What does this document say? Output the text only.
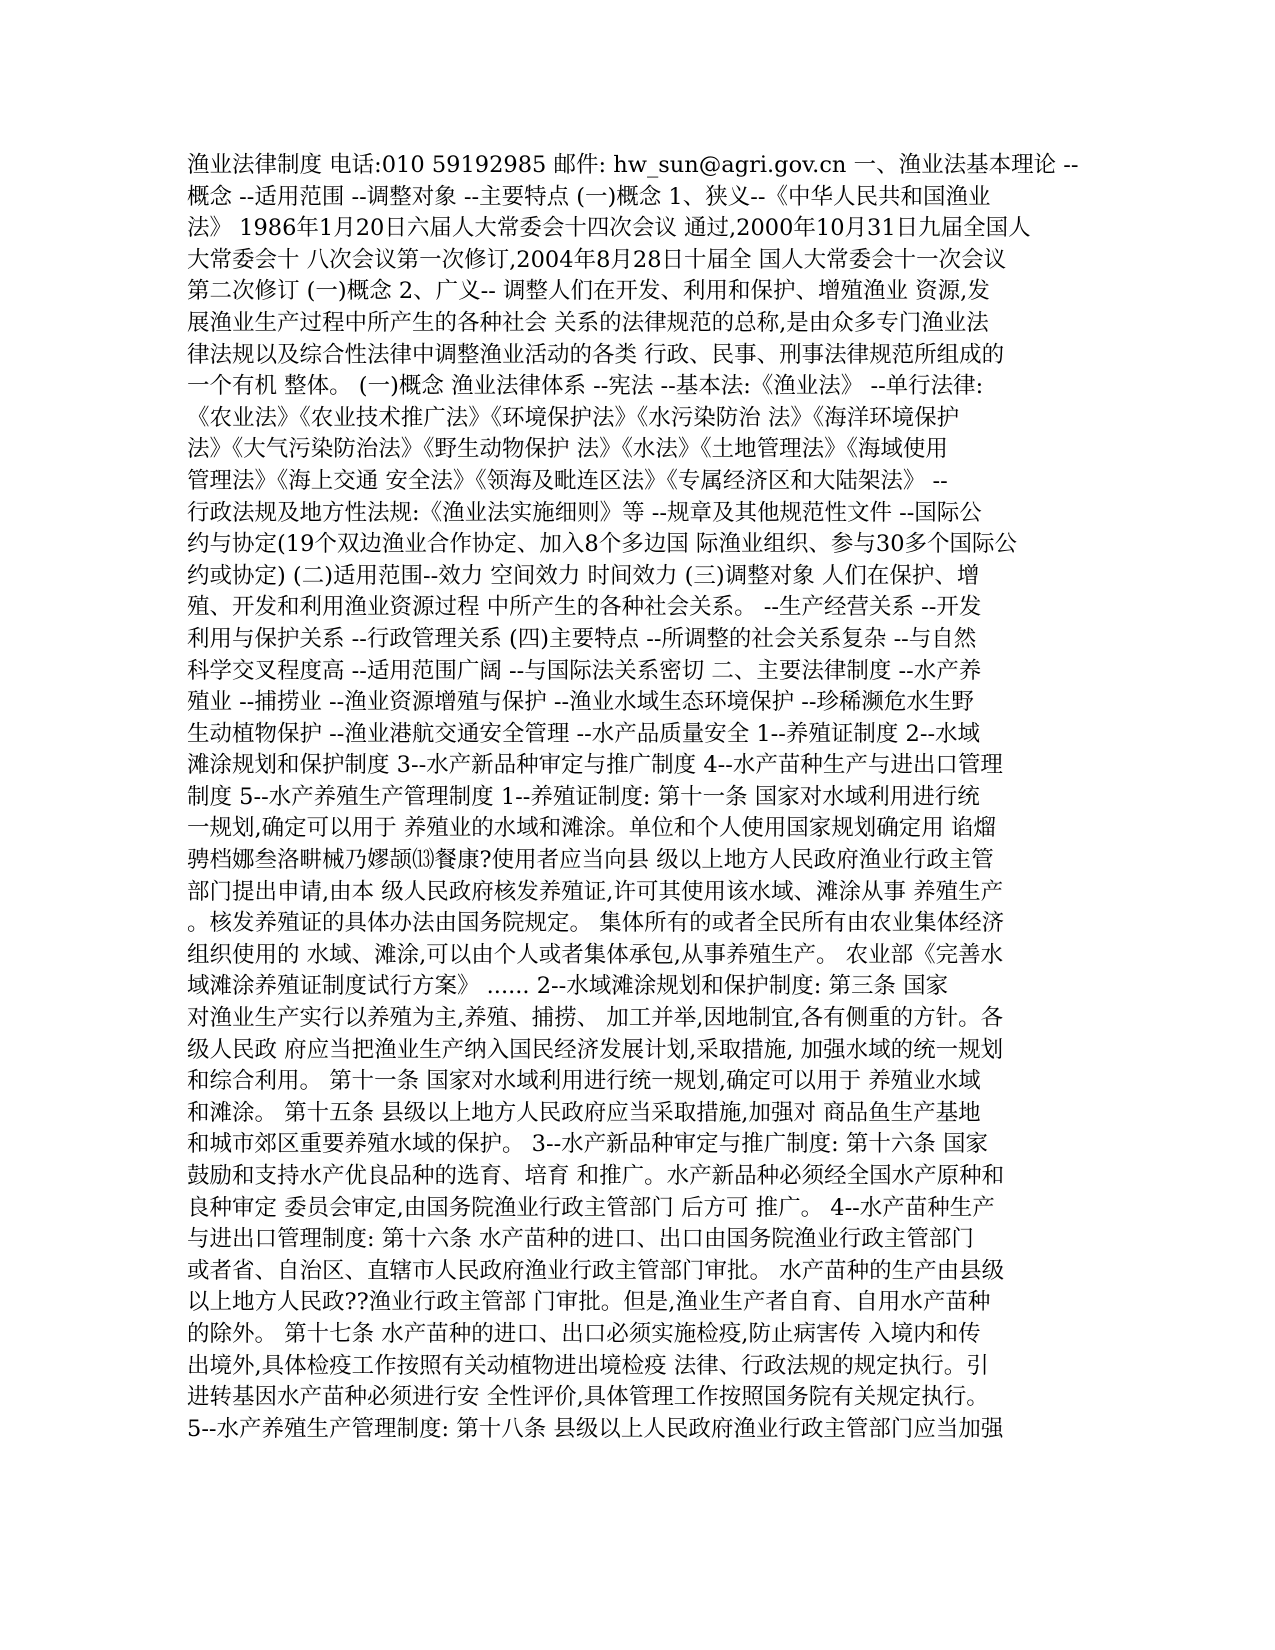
渔业法律制度 电话:010 59192985 邮件: hw_sun@agri.gov.cn 一、渔业法基本理论 --
概念 --适用范围 --调整对象 --主要特点 (一)概念 1、狭义--《中华人民共和国渔业
法》 1986年1月20日六届人大常委会十四次会议 通过,2000年10月31日九届全国人
大常委会十 八次会议第一次修订,2004年8月28日十届全 国人大常委会十一次会议
第二次修订 (一)概念 2、广义-- 调整人们在开发、利用和保护、增殖渔业 资源,发
展渔业生产过程中所产生的各种社会 关系的法律规范的总称,是由众多专门渔业法
律法规以及综合性法律中调整渔业活动的各类 行政、民事、刑事法律规范所组成的
一个有机 整体。 (一)概念 渔业法律体系 --宪法 --基本法:《渔业法》 --单行法律:
《农业法》《农业技术推广法》《环境保护法》《水污染防治 法》《海洋环境保护
法》《大气污染防治法》《野生动物保护 法》《水法》《土地管理法》《海域使用
管理法》《海上交通 安全法》《领海及毗连区法》《专属经济区和大陆架法》 --
行政法规及地方性法规:《渔业法实施细则》等 --规章及其他规范性文件 --国际公
约与协定(19个双边渔业合作协定、加入8个多边国 际渔业组织、参与30多个国际公
约或协定) (二)适用范围--效力 空间效力 时间效力 (三)调整对象 人们在保护、增
殖、开发和利用渔业资源过程 中所产生的各种社会关系。 --生产经营关系 --开发
利用与保护关系 --行政管理关系 (四)主要特点 --所调整的社会关系复杂 --与自然
科学交叉程度高 --适用范围广阔 --与国际法关系密切 二、主要法律制度 --水产养
殖业 --捕捞业 --渔业资源增殖与保护 --渔业水域生态环境保护 --珍稀濒危水生野
生动植物保护 --渔业港航交通安全管理 --水产品质量安全 1--养殖证制度 2--水域
滩涂规划和保护制度 3--水产新品种审定与推广制度 4--水产苗种生产与进出口管理
制度 5--水产养殖生产管理制度 1--养殖证制度: 第十一条 国家对水域利用进行统
一规划,确定可以用于 养殖业的水域和滩涂。单位和个人使用国家规划确定用 谄熘
骋档娜叁洛畊械乃嫪颉⒀餐康?使用者应当向县 级以上地方人民政府渔业行政主管
部门提出申请,由本 级人民政府核发养殖证,许可其使用该水域、滩涂从事 养殖生产
。核发养殖证的具体办法由国务院规定。 集体所有的或者全民所有由农业集体经济
组织使用的 水域、滩涂,可以由个人或者集体承包,从事养殖生产。 农业部《完善水
域滩涂养殖证制度试行方案》 ...... 2--水域滩涂规划和保护制度: 第三条 国家
对渔业生产实行以养殖为主,养殖、捕捞、 加工并举,因地制宜,各有侧重的方针。各
级人民政 府应当把渔业生产纳入国民经济发展计划,采取措施, 加强水域的统一规划
和综合利用。 第十一条 国家对水域利用进行统一规划,确定可以用于 养殖业水域
和滩涂。 第十五条 县级以上地方人民政府应当采取措施,加强对 商品鱼生产基地
和城市郊区重要养殖水域的保护。 3--水产新品种审定与推广制度: 第十六条 国家
鼓励和支持水产优良品种的选育、培育 和推广。水产新品种必须经全国水产原种和
良种审定 委员会审定,由国务院渔业行政主管部门 后方可 推广。 4--水产苗种生产
与进出口管理制度: 第十六条 水产苗种的进口、出口由国务院渔业行政主管部门
或者省、自治区、直辖市人民政府渔业行政主管部门审批。 水产苗种的生产由县级
以上地方人民政??渔业行政主管部 门审批。但是,渔业生产者自育、自用水产苗种
的除外。 第十七条 水产苗种的进口、出口必须实施检疫,防止病害传 入境内和传
出境外,具体检疫工作按照有关动植物进出境检疫 法律、行政法规的规定执行。引
进转基因水产苗种必须进行安 全性评价,具体管理工作按照国务院有关规定执行。
5--水产养殖生产管理制度: 第十八条 县级以上人民政府渔业行政主管部门应当加强
